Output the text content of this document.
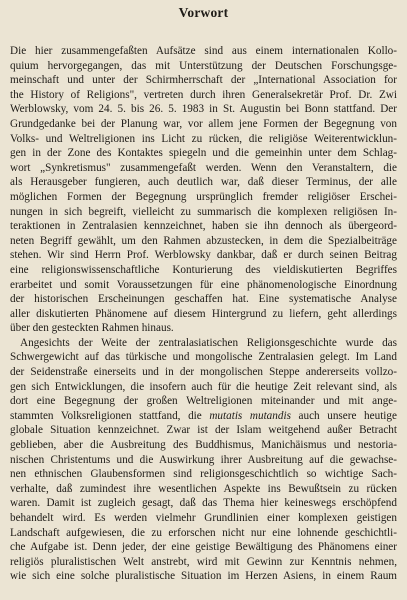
Vorwort
Die hier zusammengefaßten Aufsätze sind aus einem internationalen Kollo-
quium hervorgegangen, das mit Unterstützung der Deutschen Forschungsge-
meinschaft und unter der Schirmherrschaft der „International Association for
the History of Religions", vertreten durch ihren Generalsekretär Prof. Dr. Zwi
Werblowsky, vom 24. 5. bis 26. 5. 1983 in St. Augustin bei Bonn stattfand. Der
Grundgedanke bei der Planung war, vor allem jene Formen der Begegnung von
Volks- und Weltreligionen ins Licht zu rücken, die religiöse Weiterentwicklun-
gen in der Zone des Kontaktes spiegeln und die gemeinhin unter dem Schlag-
wort „Synkretismus" zusammengefaßt werden. Wenn den Veranstaltern, die
als Herausgeber fungieren, auch deutlich war, daß dieser Terminus, der alle
möglichen Formen der Begegnung ursprünglich fremder religiöser Erschei-
nungen in sich begreift, vielleicht zu summarisch die komplexen religiösen In-
teraktionen in Zentralasien kennzeichnet, haben sie ihn dennoch als übergeord-
neten Begriff gewählt, um den Rahmen abzustecken, in dem die Spezialbeiträge
stehen. Wir sind Herrn Prof. Werblowsky dankbar, daß er durch seinen Beitrag
eine religionswissenschaftliche Konturierung des vieldiskutierten Begriffes
erarbeitet und somit Voraussetzungen für eine phänomenologische Einordnung
der historischen Erscheinungen geschaffen hat. Eine systematische Analyse
aller diskutierten Phänomene auf diesem Hintergrund zu liefern, geht allerdings
über den gesteckten Rahmen hinaus.
Angesichts der Weite der zentralasiatischen Religionsgeschichte wurde das
Schwergewicht auf das türkische und mongolische Zentralasien gelegt. Im Land
der Seidenstraße einerseits und in der mongolischen Steppe andererseits vollzo-
gen sich Entwicklungen, die insofern auch für die heutige Zeit relevant sind, als
dort eine Begegnung der großen Weltreligionen miteinander und mit angе-
stammten Volksreligionen stattfand, die mutatis mutandis auch unsere heutige
globale Situation kennzeichnet. Zwar ist der Islam weitgehend außer Betracht
geblieben, aber die Ausbreitung des Buddhismus, Manichäismus und nestoria-
nischen Christentums und die Auswirkung ihrer Ausbreitung auf die gewachse-
nen ethnischen Glaubensformen sind religionsgeschichtlich so wichtige Sach-
verhalte, daß zumindest ihre wesentlichen Aspekte ins Bewußtsein zu rücken
waren. Damit ist zugleich gesagt, daß das Thema hier keineswegs erschöpfend
behandelt wird. Es werden vielmehr Grundlinien einer komplexen geistigen
Landschaft aufgewiesen, die zu erforschen nicht nur eine lohnende geschichtli-
che Aufgabe ist. Denn jeder, der eine geistige Bewältigung des Phänomens einer
religiös pluralistischen Welt anstrebt, wird mit Gewinn zur Kenntnis nehmen,
wie sich eine solche pluralistische Situation im Herzen Asiens, in einem Raum
